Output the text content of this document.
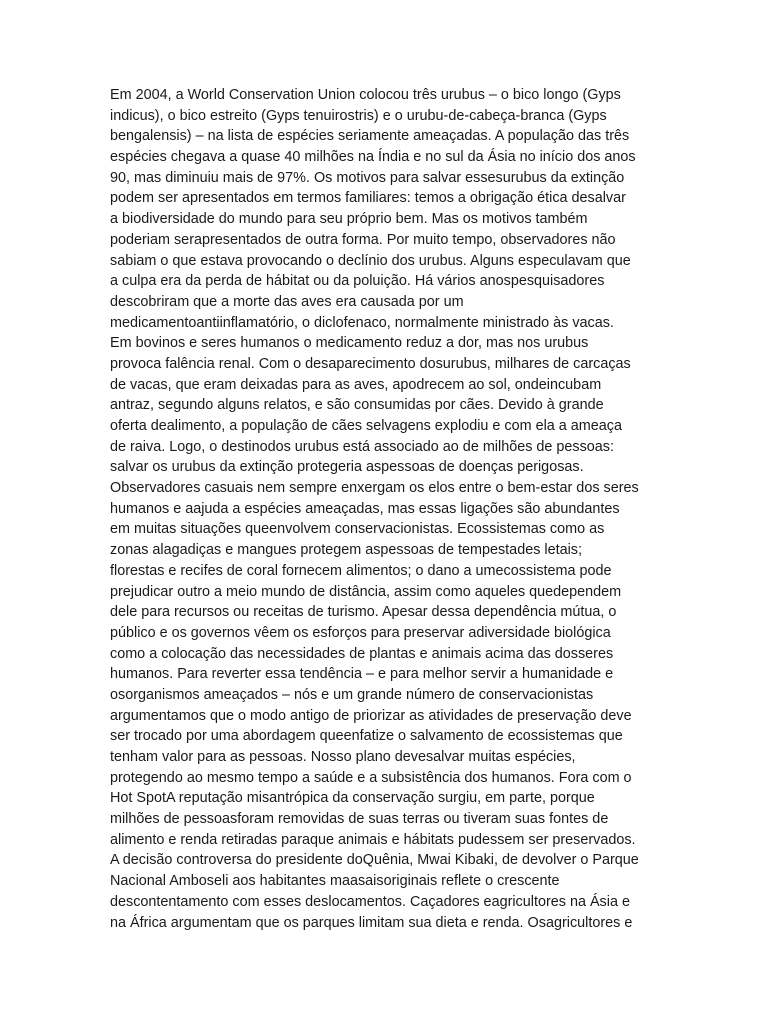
Em 2004, a World Conservation Union colocou três urubus – o bico longo (Gyps
indicus), o bico estreito (Gyps tenuirostris) e o urubu-de-cabeça-branca (Gyps
bengalensis) – na lista de espécies seriamente ameaçadas. A população das três
espécies chegava a quase 40 milhões na Índia e no sul da Ásia no início dos anos
90, mas diminuiu mais de 97%. Os motivos para salvar essesurubus da extinção
podem ser apresentados em termos familiares: temos a obrigação ética desalvar
a biodiversidade do mundo para seu próprio bem. Mas os motivos também
poderiam serapresentados de outra forma. Por muito tempo, observadores não
sabiam o que estava provocando o declínio dos urubus. Alguns especulavam que
a culpa era da perda de hábitat ou da poluição. Há vários anospesquisadores
descobriram que a morte das aves era causada por um
medicamentoantiinflamatório, o diclofenaco, normalmente ministrado às vacas.
Em bovinos e seres humanos o medicamento reduz a dor, mas nos urubus
provoca falência renal. Com o desaparecimento dosurubus, milhares de carcaças
de vacas, que eram deixadas para as aves, apodrecem ao sol, ondeincubam
antraz, segundo alguns relatos, e são consumidas por cães. Devido à grande
oferta dealimento, a população de cães selvagens explodiu e com ela a ameaça
de raiva. Logo, o destinodos urubus está associado ao de milhões de pessoas:
salvar os urubus da extinção protegeria aspessoas de doenças perigosas.
Observadores casuais nem sempre enxergam os elos entre o bem-estar dos seres
humanos e aajuda a espécies ameaçadas, mas essas ligações são abundantes
em muitas situações queenvolvem conservacionistas. Ecossistemas como as
zonas alagadiças e mangues protegem aspessoas de tempestades letais;
florestas e recifes de coral fornecem alimentos; o dano a umecossistema pode
prejudicar outro a meio mundo de distância, assim como aqueles quedependem
dele para recursos ou receitas de turismo. Apesar dessa dependência mútua, o
público e os governos vêem os esforços para preservar adiversidade biológica
como a colocação das necessidades de plantas e animais acima das dosseres
humanos. Para reverter essa tendência – e para melhor servir a humanidade e
osorganismos ameaçados – nós e um grande número de conservacionistas
argumentamos que o modo antigo de priorizar as atividades de preservação deve
ser trocado por uma abordagem queenfatize o salvamento de ecossistemas que
tenham valor para as pessoas. Nosso plano devesalvar muitas espécies,
protegendo ao mesmo tempo a saúde e a subsistência dos humanos. Fora com o
Hot SpotA reputação misantrópica da conservação surgiu, em parte, porque
milhões de pessoasforam removidas de suas terras ou tiveram suas fontes de
alimento e renda retiradas paraque animais e hábitats pudessem ser preservados.
A decisão controversa do presidente doQuênia, Mwai Kibaki, de devolver o Parque
Nacional Amboseli aos habitantes maasaisoriginais reflete o crescente
descontentamento com esses deslocamentos. Caçadores eagricultores na Ásia e
na África argumentam que os parques limitam sua dieta e renda. Osagricultores e
